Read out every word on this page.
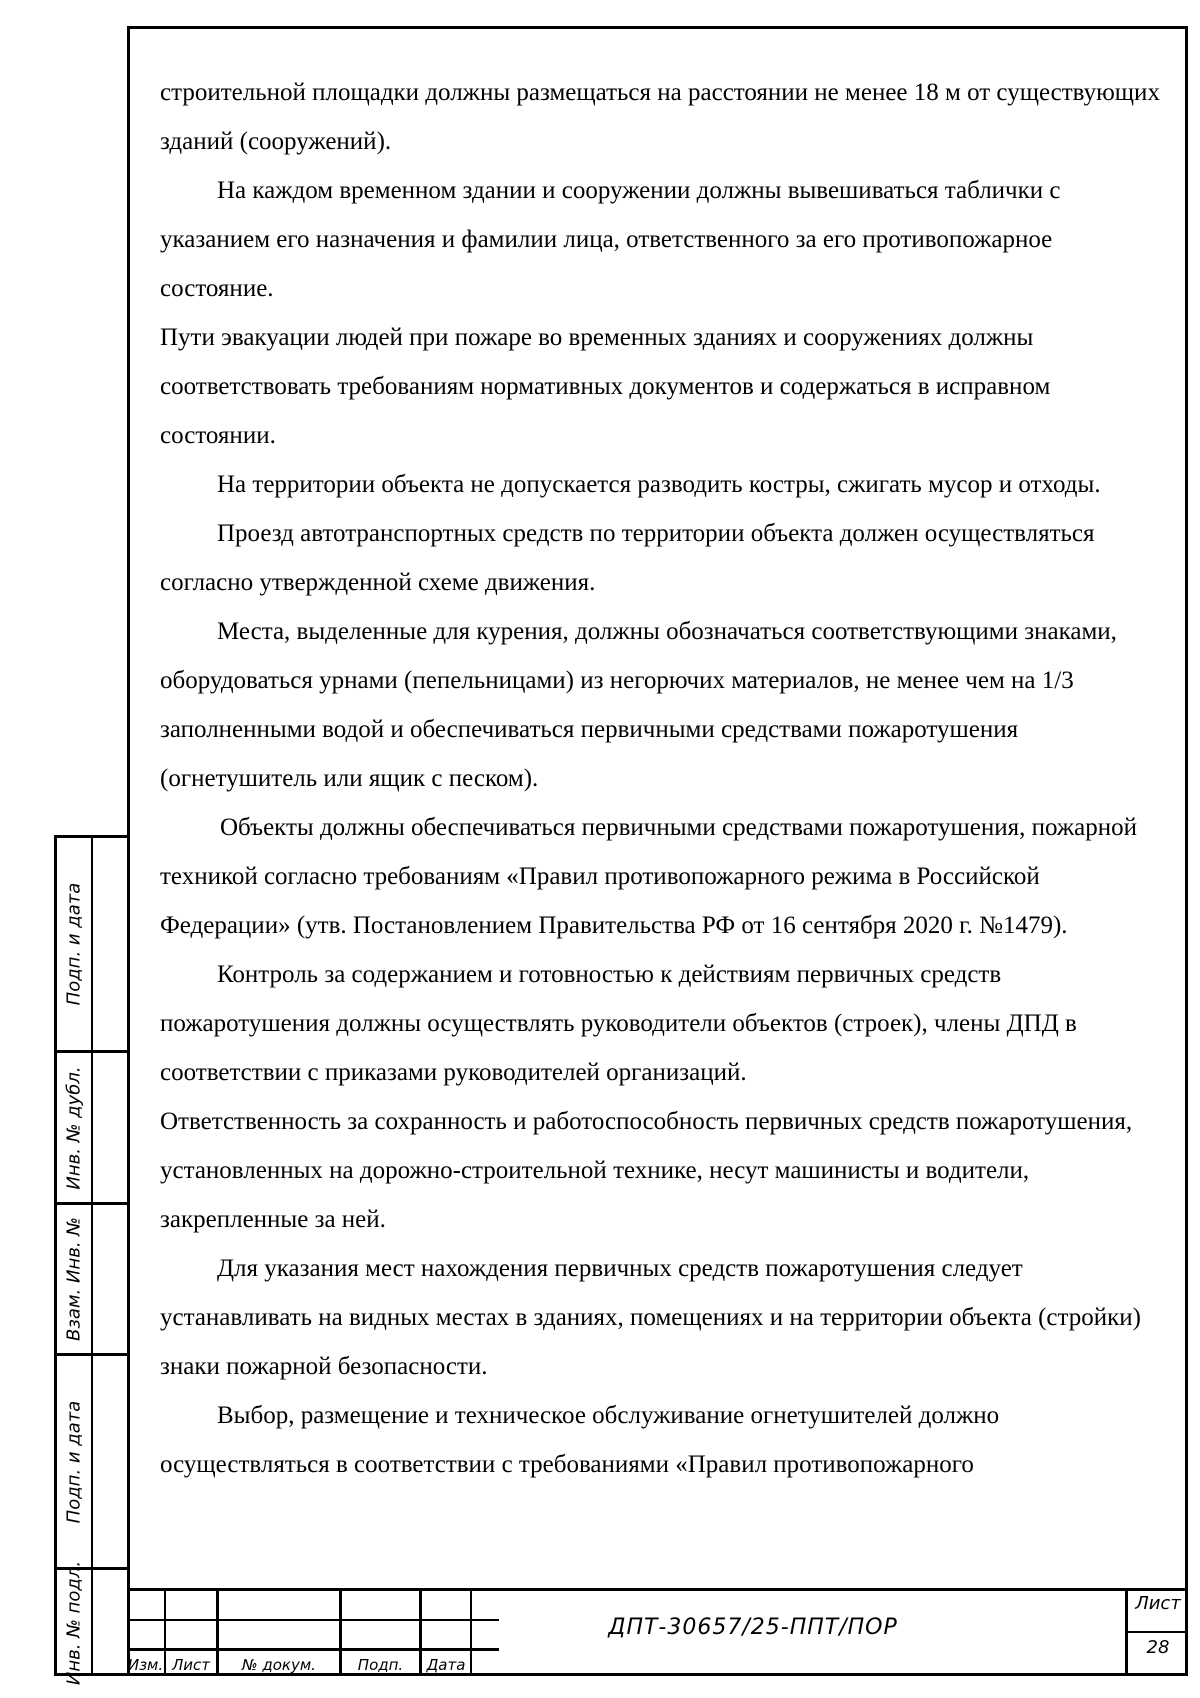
строительной площадки должны размещаться на расстоянии не менее 18 м от существующих зданий (сооружений).

На каждом временном здании и сооружении должны вывешиваться таблички с указанием его назначения и фамилии лица, ответственного за его противопожарное состояние.

Пути эвакуации людей при пожаре во временных зданиях и сооружениях должны соответствовать требованиям нормативных документов и содержаться в исправном состоянии.

На территории объекта не допускается разводить костры, сжигать мусор и отходы.

Проезд автотранспортных средств по территории объекта должен осуществляться согласно утвержденной схеме движения.

Места, выделенные для курения, должны обозначаться соответствующими знаками, оборудоваться урнами (пепельницами) из негорючих материалов, не менее чем на 1/3 заполненными водой и обеспечиваться первичными средствами пожаротушения (огнетушитель или ящик с песком).

Объекты должны обеспечиваться первичными средствами пожаротушения, пожарной техникой согласно требованиям «Правил противопожарного режима в Российской Федерации» (утв. Постановлением Правительства РФ от 16 сентября 2020 г. №1479).

Контроль за содержанием и готовностью к действиям первичных средств пожаротушения должны осуществлять руководители объектов (строек), члены ДПД в соответствии с приказами руководителей организаций.

Ответственность за сохранность и работоспособность первичных средств пожаротушения, установленных на дорожно-строительной технике, несут машинисты и водители, закрепленные за ней.

Для указания мест нахождения первичных средств пожаротушения следует устанавливать на видных местах в зданиях, помещениях и на территории объекта (стройки) знаки пожарной безопасности.

Выбор, размещение и техническое обслуживание огнетушителей должно осуществляться в соответствии с требованиями «Правил противопожарного

Подп. и дата
Инв. № дубл.
Взам. Инв. №
Подп. и дата
Инв. № подл.	Изм. Лист	№ докум.	Подп.	Дата
ДПТ-30657/25-ППТ/ПОР
Лист
28
